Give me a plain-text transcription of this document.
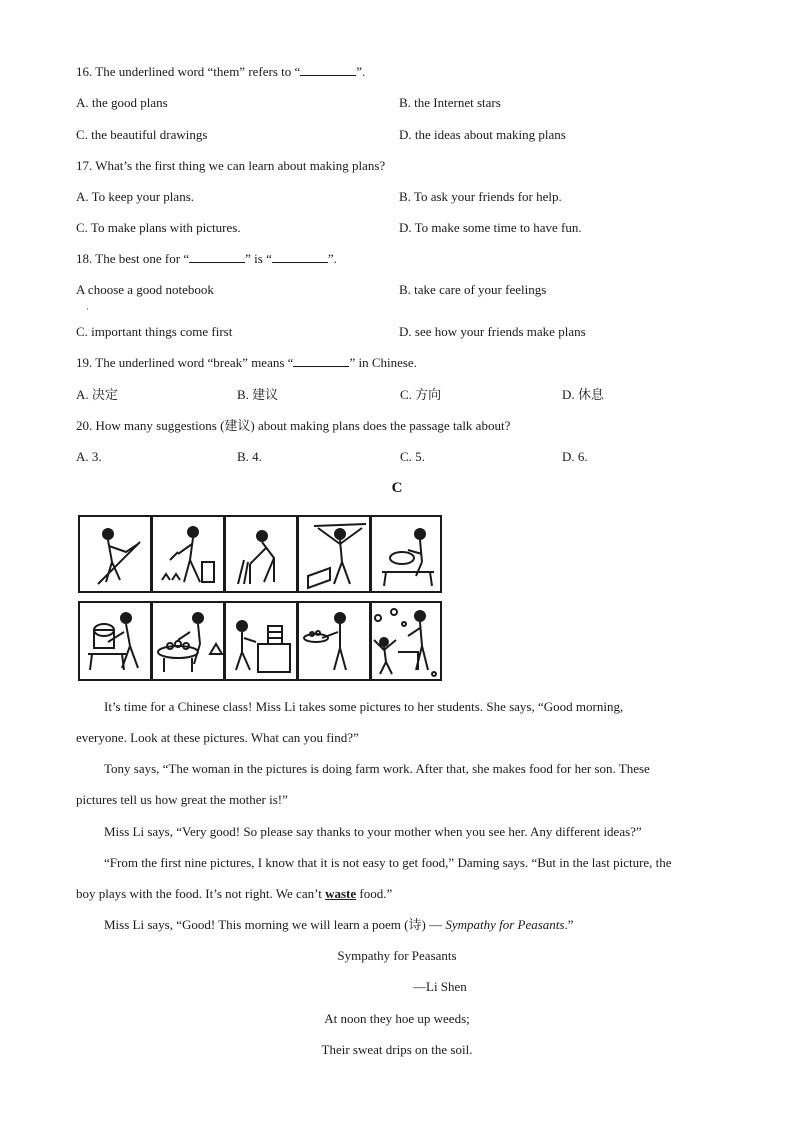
16. The underlined word “them” refers to “	”.
A. the good plans	B. the Internet stars
C. the beautiful drawings	D. the ideas about making plans
17. What’s the first thing we can learn about making plans?
A. To keep your plans.	B. To ask your friends for help.
C. To make plans with pictures.	D. To make some time to have fun.
18. The best one for “	” is “	”.
A choose a good notebook
·
B. take care of your feelings
C. important things come first	D. see how your friends make plans
19. The underlined word “break” means “	” in Chinese.
A. 决定	B. 建议	C. 方向	D. 休息
20. How many suggestions (建议) about making plans does the passage talk about?
A. 3.	B. 4.	C. 5.	D. 6.
C
It’s time for a Chinese class! Miss Li takes some pictures to her students. She says, “Good morning,
everyone. Look at these pictures. What can you find?”
Tony says, “The woman in the pictures is doing farm work. After that, she makes food for her son. These
pictures tell us how great the mother is!”
Miss Li says, “Very good! So please say thanks to your mother when you see her. Any different ideas?”
“From the first nine pictures, I know that it is not easy to get food,” Daming says. “But in the last picture, the
boy plays with the food. It’s not right. We can’t waste food.”
Miss Li says, “Good! This morning we will learn a poem (诗) — Sympathy for Peasants.”
Sympathy for Peasants
—Li Shen
At noon they hoe up weeds;
Their sweat drips on the soil.
